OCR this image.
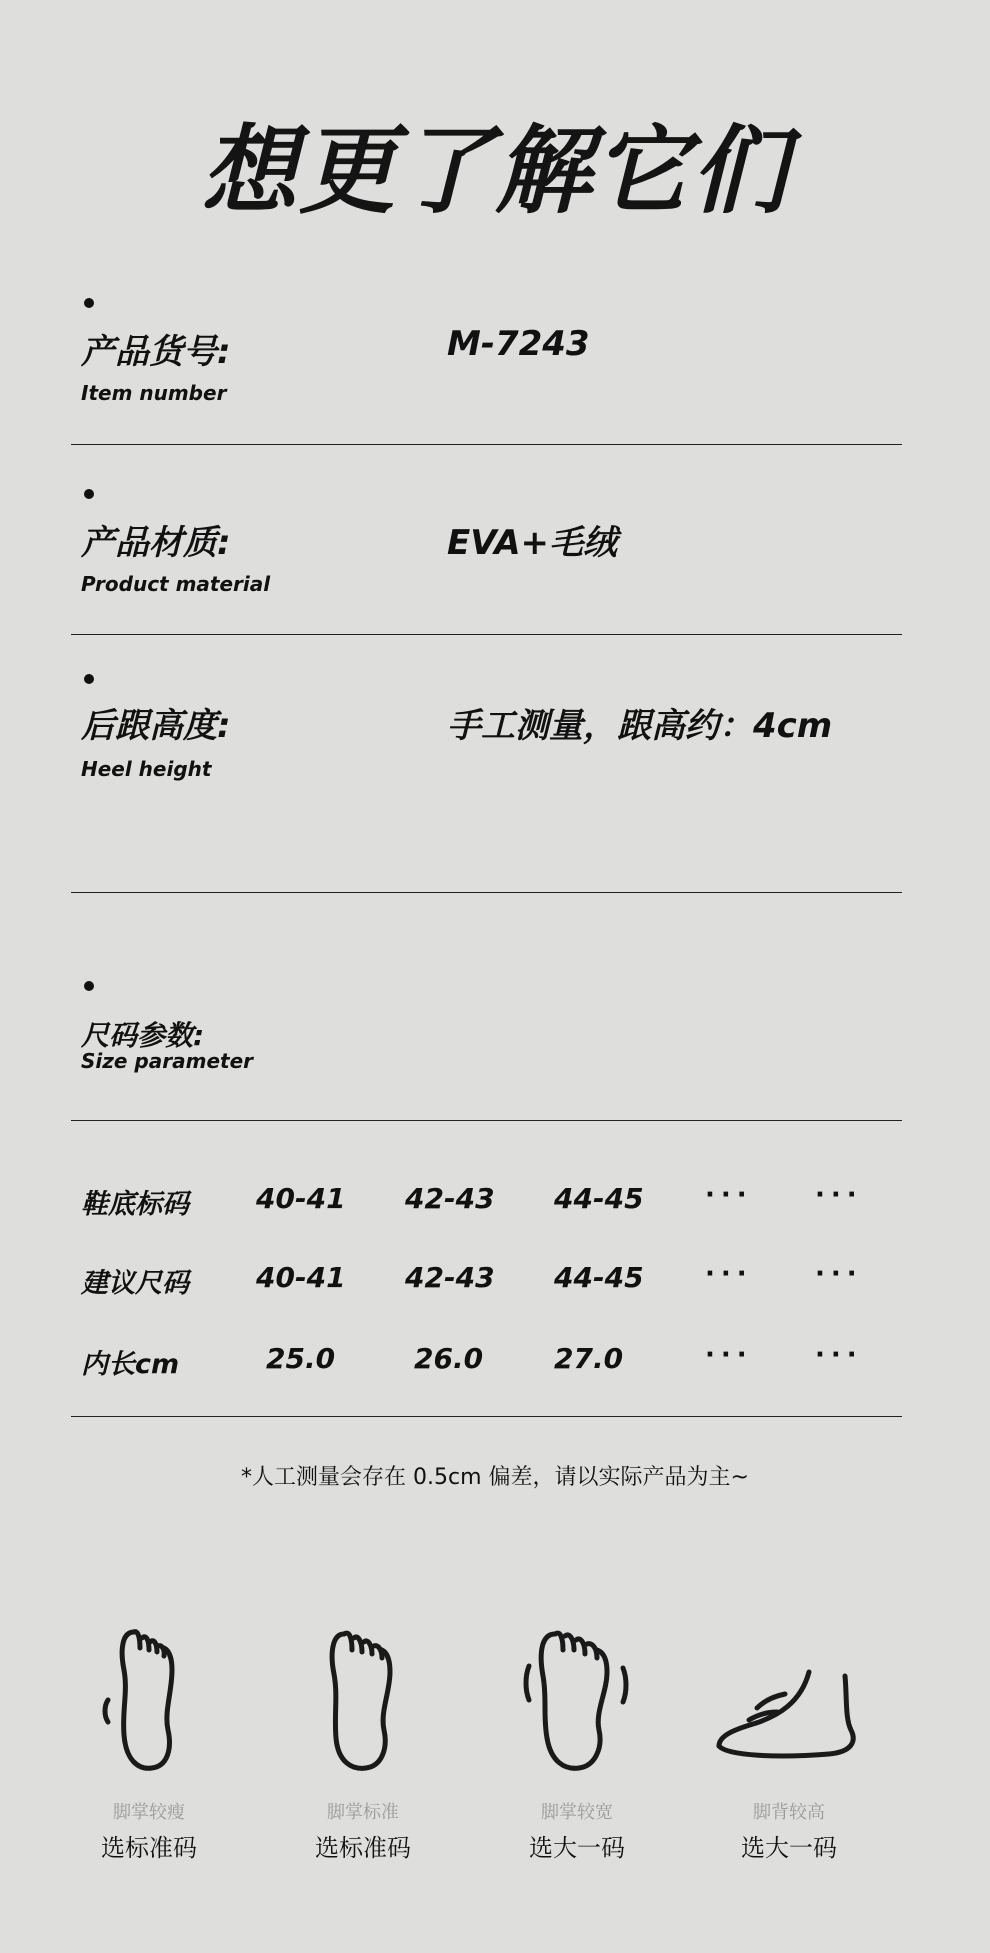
想更了解它们
产品货号:
Item number
M-7243
产品材质:
Product material
EVA+毛绒
后跟高度:
Heel height
手工测量，跟高约：4cm
尺码参数:
Size parameter
鞋底标码 40-41 42-43 44-45 ··· ···
建议尺码 40-41 42-43 44-45 ··· ···
内长cm	25.0	26.0	27.0	··· ···
*人工测量会存在 0.5cm 偏差，请以实际产品为主~
脚掌较瘦
选标准码
脚掌标准
选标准码
脚掌较宽
选大一码
脚背较高
选大一码
